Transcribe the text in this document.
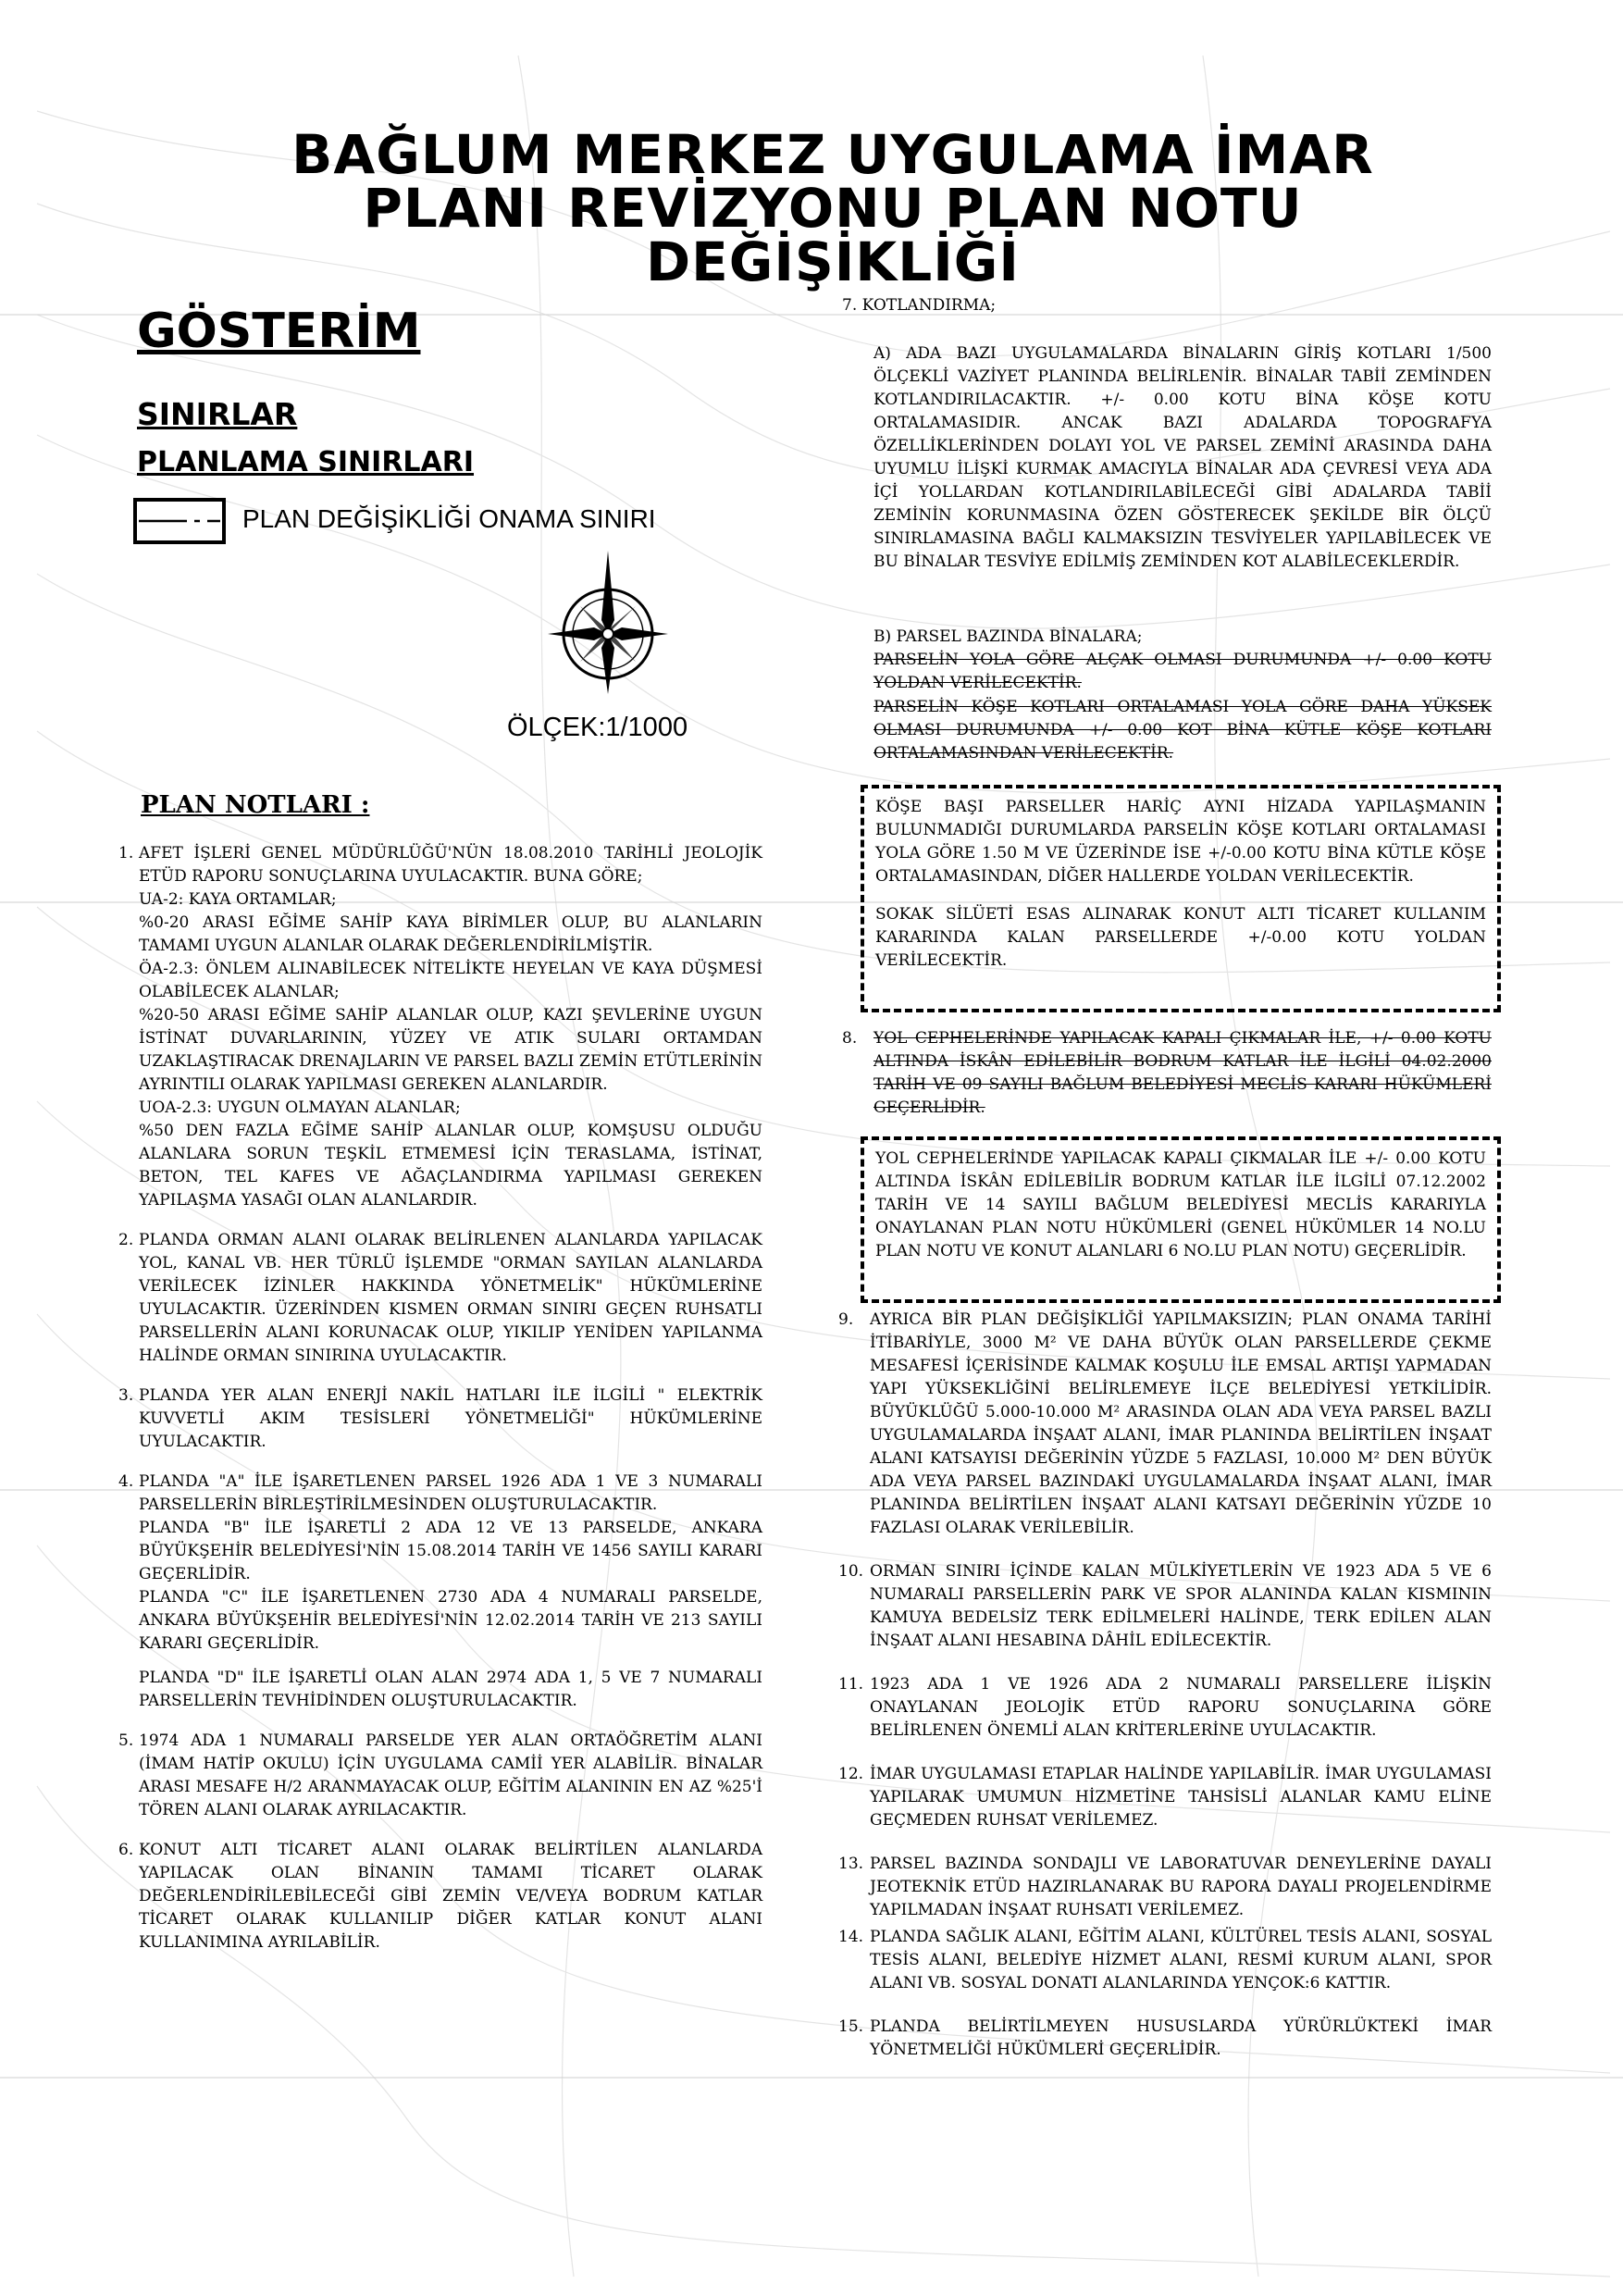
BAĞLUM MERKEZ UYGULAMA İMAR
PLANI REVİZYONU PLAN NOTU
DEĞİŞİKLİĞİ
GÖSTERİM
SINIRLAR
PLANLAMA SINIRLARI
PLAN DEĞİŞİKLİĞİ ONAMA SINIRI
ÖLÇEK:1/1000
PLAN NOTLARI :
1. AFET İŞLERİ GENEL MÜDÜRLÜĞÜ'NÜN 18.08.2010 TARİHLİ JEOLOJİK ETÜD RAPORU SONUÇLARINA UYULACAKTIR. BUNA GÖRE;

UA-2: KAYA ORTAMLAR;

%0-20 ARASI EĞİME SAHİP KAYA BİRİMLER OLUP, BU ALANLARIN TAMAMI UYGUN ALANLAR OLARAK DEĞERLENDİRİLMİŞTİR.

ÖA-2.3: ÖNLEM ALINABİLECEK NİTELİKTE HEYELAN VE KAYA DÜŞMESİ OLABİLECEK ALANLAR;

%20-50 ARASI EĞİME SAHİP ALANLAR OLUP, KAZI ŞEVLERİNE UYGUN İSTİNAT DUVARLARININ, YÜZEY VE ATIK SULARI ORTAMDAN UZAKLAŞTIRACAK DRENAJLARIN VE PARSEL BAZLI ZEMİN ETÜTLERİNİN AYRINTILI OLARAK YAPILMASI GEREKEN ALANLARDIR.

UOA-2.3: UYGUN OLMAYAN ALANLAR;

%50 DEN FAZLA EĞİME SAHİP ALANLAR OLUP, KOMŞUSU OLDUĞU ALANLARA SORUN TEŞKİL ETMEMESİ İÇİN TERASLAMA, İSTİNAT, BETON, TEL KAFES VE AĞAÇLANDIRMA YAPILMASI GEREKEN YAPILAŞMA YASAĞI OLAN ALANLARDIR.

2. PLANDA ORMAN ALANI OLARAK BELİRLENEN ALANLARDA YAPILACAK YOL, KANAL VB. HER TÜRLÜ İŞLEMDE "ORMAN SAYILAN ALANLARDA VERİLECEK İZİNLER HAKKINDA YÖNETMELİK" HÜKÜMLERİNE UYULACAKTIR. ÜZERİNDEN KISMEN ORMAN SINIRI GEÇEN RUHSATLI PARSELLERİN ALANI KORUNACAK OLUP, YIKILIP YENİDEN YAPILANMA HALİNDE ORMAN SINIRINA UYULACAKTIR.

3. PLANDA YER ALAN ENERJİ NAKİL HATLARI İLE İLGİLİ " ELEKTRİK KUVVETLİ AKIM TESİSLERİ YÖNETMELİĞİ" HÜKÜMLERİNE UYULACAKTIR.

4. PLANDA "A" İLE İŞARETLENEN PARSEL 1926 ADA 1 VE 3 NUMARALI PARSELLERİN BİRLEŞTİRİLMESİNDEN OLUŞTURULACAKTIR.

PLANDA "B" İLE İŞARETLİ 2 ADA 12 VE 13 PARSELDE, ANKARA BÜYÜKŞEHİR BELEDİYESİ'NİN 15.08.2014 TARİH VE 1456 SAYILI KARARI GEÇERLİDİR.

PLANDA "C" İLE İŞARETLENEN 2730 ADA 4 NUMARALI PARSELDE, ANKARA BÜYÜKŞEHİR BELEDİYESİ'NİN 12.02.2014 TARİH VE 213 SAYILI KARARI GEÇERLİDİR.

PLANDA "D" İLE İŞARETLİ OLAN ALAN 2974 ADA 1, 5 VE 7 NUMARALI PARSELLERİN TEVHİDİNDEN OLUŞTURULACAKTIR.

5. 1974 ADA 1 NUMARALI PARSELDE YER ALAN ORTAÖĞRETİM ALANI (İMAM HATİP OKULU) İÇİN UYGULAMA CAMİİ YER ALABİLİR. BİNALAR ARASI MESAFE H/2 ARANMAYACAK OLUP, EĞİTİM ALANININ EN AZ %25'İ TÖREN ALANI OLARAK AYRILACAKTIR.

6. KONUT ALTI TİCARET ALANI OLARAK BELİRTİLEN ALANLARDA YAPILACAK OLAN BİNANIN TAMAMI TİCARET OLARAK DEĞERLENDİRİLEBİLECEĞİ GİBİ ZEMİN VE/VEYA BODRUM KATLAR TİCARET OLARAK KULLANILIP DİĞER KATLAR KONUT ALANI KULLANIMINA AYRILABİLİR.

7. KOTLANDIRMA;
A) ADA BAZI UYGULAMALARDA BİNALARIN GİRİŞ KOTLARI 1/500 ÖLÇEKLİ VAZİYET PLANINDA BELİRLENİR. BİNALAR TABİİ ZEMİNDEN KOTLANDIRILACAKTIR. +/- 0.00 KOTU BİNA KÖŞE KOTU ORTALAMASIDIR. ANCAK BAZI ADALARDA TOPOGRAFYA ÖZELLİKLERİNDEN DOLAYI YOL VE PARSEL ZEMİNİ ARASINDA DAHA UYUMLU İLİŞKİ KURMAK AMACIYLA BİNALAR ADA ÇEVRESİ VEYA ADA İÇİ YOLLARDAN KOTLANDIRILABİLECEĞİ GİBİ ADALARDA TABİİ ZEMİNİN KORUNMASINA ÖZEN GÖSTERECEK ŞEKİLDE BİR ÖLÇÜ SINIRLAMASINA BAĞLI KALMAKSIZIN TESVİYELER YAPILABİLECEK VE BU BİNALAR TESVİYE EDİLMİŞ ZEMİNDEN KOT ALABİLECEKLERDİR.
B) PARSEL BAZINDA BİNALARA;
PARSELİN YOLA GÖRE ALÇAK OLMASI DURUMUNDA +/- 0.00 KOTU YOLDAN VERİLECEKTİR.
PARSELİN KÖŞE KOTLARI ORTALAMASI YOLA GÖRE DAHA YÜKSEK OLMASI DURUMUNDA +/- 0.00 KOT BİNA KÜTLE KÖŞE KOTLARI ORTALAMASINDAN VERİLECEKTİR.

KÖŞE BAŞI PARSELLER HARİÇ AYNI HİZADA YAPILAŞMANIN BULUNMADIĞI DURUMLARDA PARSELİN KÖŞE KOTLARI ORTALAMASI YOLA GÖRE 1.50 M VE ÜZERİNDE İSE +/-0.00 KOTU BİNA KÜTLE KÖŞE ORTALAMASINDAN, DİĞER HALLERDE YOLDAN VERİLECEKTİR.

SOKAK SİLÜETİ ESAS ALINARAK KONUT ALTI TİCARET KULLANIM KARARINDA KALAN PARSELLERDE +/-0.00 KOTU YOLDAN VERİLECEKTİR.

8. YOL CEPHELERİNDE YAPILACAK KAPALI ÇIKMALAR İLE, +/- 0.00 KOTU ALTINDA İSKÂN EDİLEBİLİR BODRUM KATLAR İLE İLGİLİ 04.02.2000 TARİH VE 09 SAYILI BAĞLUM BELEDİYESİ MECLİS KARARI HÜKÜMLERİ GEÇERLİDİR.

YOL CEPHELERİNDE YAPILACAK KAPALI ÇIKMALAR İLE +/- 0.00 KOTU ALTINDA İSKÂN EDİLEBİLİR BODRUM KATLAR İLE İLGİLİ 07.12.2002 TARİH VE 14 SAYILI BAĞLUM BELEDİYESİ MECLİS KARARIYLA ONAYLANAN PLAN NOTU HÜKÜMLERİ (GENEL HÜKÜMLER 14 NO.LU PLAN NOTU VE KONUT ALANLARI 6 NO.LU PLAN NOTU) GEÇERLİDİR.

9.	AYRICA BİR PLAN DEĞİŞİKLİĞİ YAPILMAKSIZIN; PLAN ONAMA TARİHİ İTİBARİYLE, 3000 M² VE DAHA BÜYÜK OLAN PARSELLERDE ÇEKME MESAFESİ İÇERİSİNDE KALMAK KOŞULU İLE EMSAL ARTIŞI YAPMADAN YAPI YÜKSEKLİĞİNİ BELİRLEMEYE İLÇE BELEDİYESİ YETKİLİDİR. BÜYÜKLÜĞÜ 5.000-10.000 M² ARASINDA OLAN ADA VEYA PARSEL BAZLI UYGULAMALARDA İNŞAAT ALANI, İMAR PLANINDA BELİRTİLEN İNŞAAT ALANI KATSAYISI DEĞERİNİN YÜZDE 5 FAZLASI, 10.000 M² DEN BÜYÜK ADA VEYA PARSEL BAZINDAKİ UYGULAMALARDA İNŞAAT ALANI, İMAR PLANINDA BELİRTİLEN İNŞAAT ALANI KATSAYI DEĞERİNİN YÜZDE 10 FAZLASI OLARAK VERİLEBİLİR.

10. ORMAN SINIRI İÇİNDE KALAN MÜLKİYETLERİN VE 1923 ADA 5 VE 6 NUMARALI PARSELLERİN PARK VE SPOR ALANINDA KALAN KISMININ KAMUYA BEDELSİZ TERK EDİLMELERİ HALİNDE, TERK EDİLEN ALAN İNŞAAT ALANI HESABINA DÂHİL EDİLECEKTİR.

11. 1923 ADA 1 VE 1926 ADA 2 NUMARALI PARSELLERE İLİŞKİN ONAYLANAN JEOLOJİK ETÜD RAPORU SONUÇLARINA GÖRE BELİRLENEN ÖNEMLİ ALAN KRİTERLERİNE UYULACAKTIR.

12. İMAR UYGULAMASI ETAPLAR HALİNDE YAPILABİLİR. İMAR UYGULAMASI YAPILARAK UMUMUN HİZMETİNE TAHSİSLİ ALANLAR KAMU ELİNE GEÇMEDEN RUHSAT VERİLEMEZ.

13. PARSEL BAZINDA SONDAJLI VE LABORATUVAR DENEYLERİNE DAYALI JEOTEKNİK ETÜD HAZIRLANARAK BU RAPORA DAYALI PROJELENDİRME YAPILMADAN İNŞAAT RUHSATI VERİLEMEZ.

14. PLANDA SAĞLIK ALANI, EĞİTİM ALANI, KÜLTÜREL TESİS ALANI, SOSYAL TESİS ALANI, BELEDİYE HİZMET ALANI, RESMİ KURUM ALANI, SPOR ALANI VB. SOSYAL DONATI ALANLARINDA YENÇOK:6 KATTIR.

15. PLANDA BELİRTİLMEYEN HUSUSLARDA YÜRÜRLÜKTEKİ İMAR YÖNETMELİĞİ HÜKÜMLERİ GEÇERLİDİR.
